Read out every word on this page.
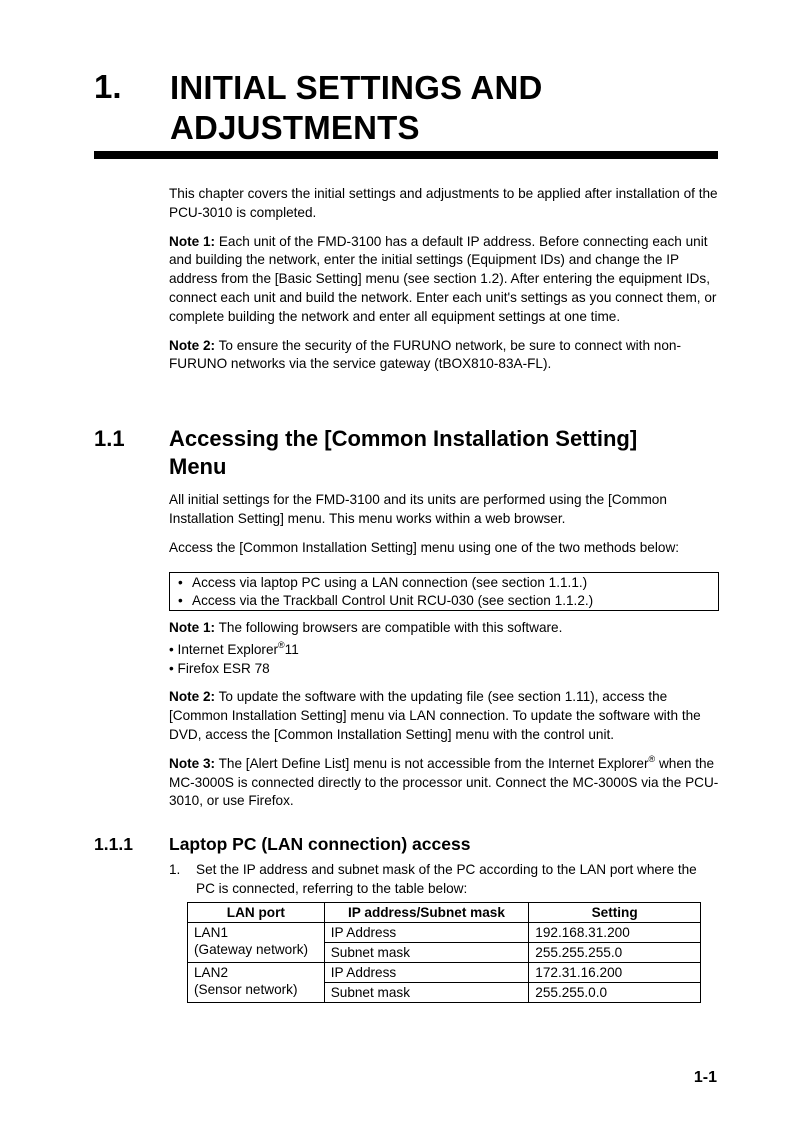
1. INITIAL SETTINGS AND
ADJUSTMENTS

This chapter covers the initial settings and adjustments to be applied after installation of the PCU-3010 is completed.

Note 1: Each unit of the FMD-3100 has a default IP address. Before connecting each unit and building the network, enter the initial settings (Equipment IDs) and change the IP address from the [Basic Setting] menu (see section 1.2). After entering the equipment IDs, connect each unit and build the network. Enter each unit's settings as you connect them, or complete building the network and enter all equipment settings at one time.

Note 2: To ensure the security of the FURUNO network, be sure to connect with non-FURUNO networks via the service gateway (tBOX810-83A-FL).

1.1 Accessing the [Common Installation Setting]
Menu

All initial settings for the FMD-3100 and its units are performed using the [Common Installation Setting] menu. This menu works within a web browser.

Access the [Common Installation Setting] menu using one of the two methods below:

• Access via laptop PC using a LAN connection (see section 1.1.1.)
• Access via the Trackball Control Unit RCU-030 (see section 1.1.2.)

Note 1: The following browsers are compatible with this software.

• Internet Explorer®11

• Firefox ESR 78

Note 2: To update the software with the updating file (see section 1.11), access the [Common Installation Setting] menu via LAN connection. To update the software with the DVD, access the [Common Installation Setting] menu with the control unit.

Note 3: The [Alert Define List] menu is not accessible from the Internet Explorer® when the MC-3000S is connected directly to the processor unit. Connect the MC-3000S via the PCU-3010, or use Firefox.

1.1.1 Laptop PC (LAN connection) access
1. Set the IP address and subnet mask of the PC according to the LAN port where the PC is connected, referring to the table below:
LAN port	IP address/Subnet mask	Setting

LAN1
(Gateway network)	IP Address	192.168.31.200
	Subnet mask	255.255.255.0

LAN2
(Sensor network)	IP Address	172.31.16.200
	Subnet mask	255.255.0.0
1-1
